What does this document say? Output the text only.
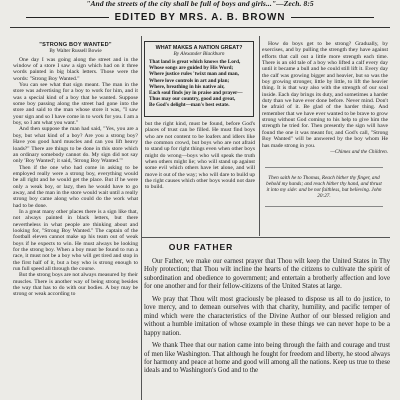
"And the streets of the city shall be full of boys and girls..."—Zech. 8:5
EDITED BY MRS. A. B. BROWN
"STRONG BOY WANTED"
By Walter Russell Bowie

One day I was going along the street and in the window of a store I saw a sign which had on it three words painted in big black letters. Those were the words: "Strong Boy Wanted."

You can see what that sign meant. The man in the store was advertising for a boy to work for him, and it was a special kind of a boy that he wanted. Suppose some boy passing along the street had gone into the store and said to the man whose store it was, "I saw your sign and so I have come in to work for you. I am a boy, so I am what you want."

And then suppose the man had said, "Yes, you are a boy, but what kind of a boy? Are you a strong boy? Have you good hard muscles and can you lift heavy loads?" There are things to be done in this store which an ordinary somebody cannot do. My sign did not say only 'Boy Wanted'; it said, 'Strong Boy Wanted.'"

Then if the one who had come in asking to be employed really were a strong boy, everything would be all right and he would get the place. But if he were only a weak boy, or lazy, then he would have to go away, and the man in the store would wait until a really strong boy came along who could do the work what had to be done.

In a great many other places there is a sign like that, not always painted in black letters, but there nevertheless in what people are thinking about and looking for, "Strong Boy Wanted." The captain of the football eleven cannot make up his team out of weak boys if he expects to win. He must always be looking for the strong boy. When a boy must be found to run a race, it must not be a boy who will get tired and stop in the first half of it, but a boy who is strong enough to run full speed all through the course.

But the strong boys are not always measured by their muscles. There is another way of being strong besides the way that has to do with our bodies. A boy may be strong or weak according to

WHAT MAKES A NATION GREAT?
By Alexander Blackburn
That land is great which knows the Lord,
Whose songs are guided by His Word;
Where justice rules 'twixt man and man,
Where love controls in art and plan;
Where, breathing in his native air,
Each soul finds joy in praise and prayer—
Thus may our country, good and great,
Be God's delight—man's best estate.

but the right kind, must be found, before God's places of trust can be filled. He must find boys who are not content to be loafers and idlers like the common crowd, but boys who are not afraid to stand up for right things even when other boys might do wrong—boys who will speak the truth when others might lie; who will stand up against some evil which others have let alone, and will move it out of the way; who will dare to build up the right causes which other boys would not dare to build.

How do boys get to be strong? Gradually, by exercises, and by pulling the strength they have against efforts that call out a little more strength each time. There is an old tale of a boy who lifted a calf every day until it became a bull and he could still lift it. Every day the calf was growing bigger and heavier, but so was the boy growing stronger, little by little, to lift the heavier thing. It is that way also with the strength of our soul inside. Each day brings its duty, and sometimes a harder duty than we have ever done before. Never mind. Don't be afraid of it. Be glad of the harder thing. And remember that we have ever wanted to be brave to grow strong without God coming to his help to give him the strength he tried for. Then presently the sign will have found the one it was meant for, and God's call, "Strong Boy Wanted" will be answered by the boy whom He has made strong in you.

—Chimes and the Children.
Then saith he to Thomas, Reach hither thy finger, and behold my hands; and reach hither thy hand, and thrust it into my side: and be not faithless, but believing. John 20:27.
OUR FATHER

Our Father, we make our earnest prayer that Thou wilt keep the United States in Thy Holy protection; that Thou wilt incline the hearts of the citizens to cultivate the spirit of subordination and obedience to government; and entertain a brotherly affection and love for one another and for their fellow-citizens of the United States at large.

We pray that Thou wilt most graciously be pleased to dispose us all to do justice, to love mercy, and to demean ourselves with that charity, humility, and pacific temper of mind which were the characteristics of the Divine Author of our blessed religion and without a humble imitation of whose example in these things we can never hope to be a happy nation.

We thank Thee that our nation came into being through the faith and courage and trust of men like Washington. That although he fought for freedom and liberty, he stood always for harmony and peace at home and good will among all the nations. Keep us true to these ideals and to Washington's God and to the
